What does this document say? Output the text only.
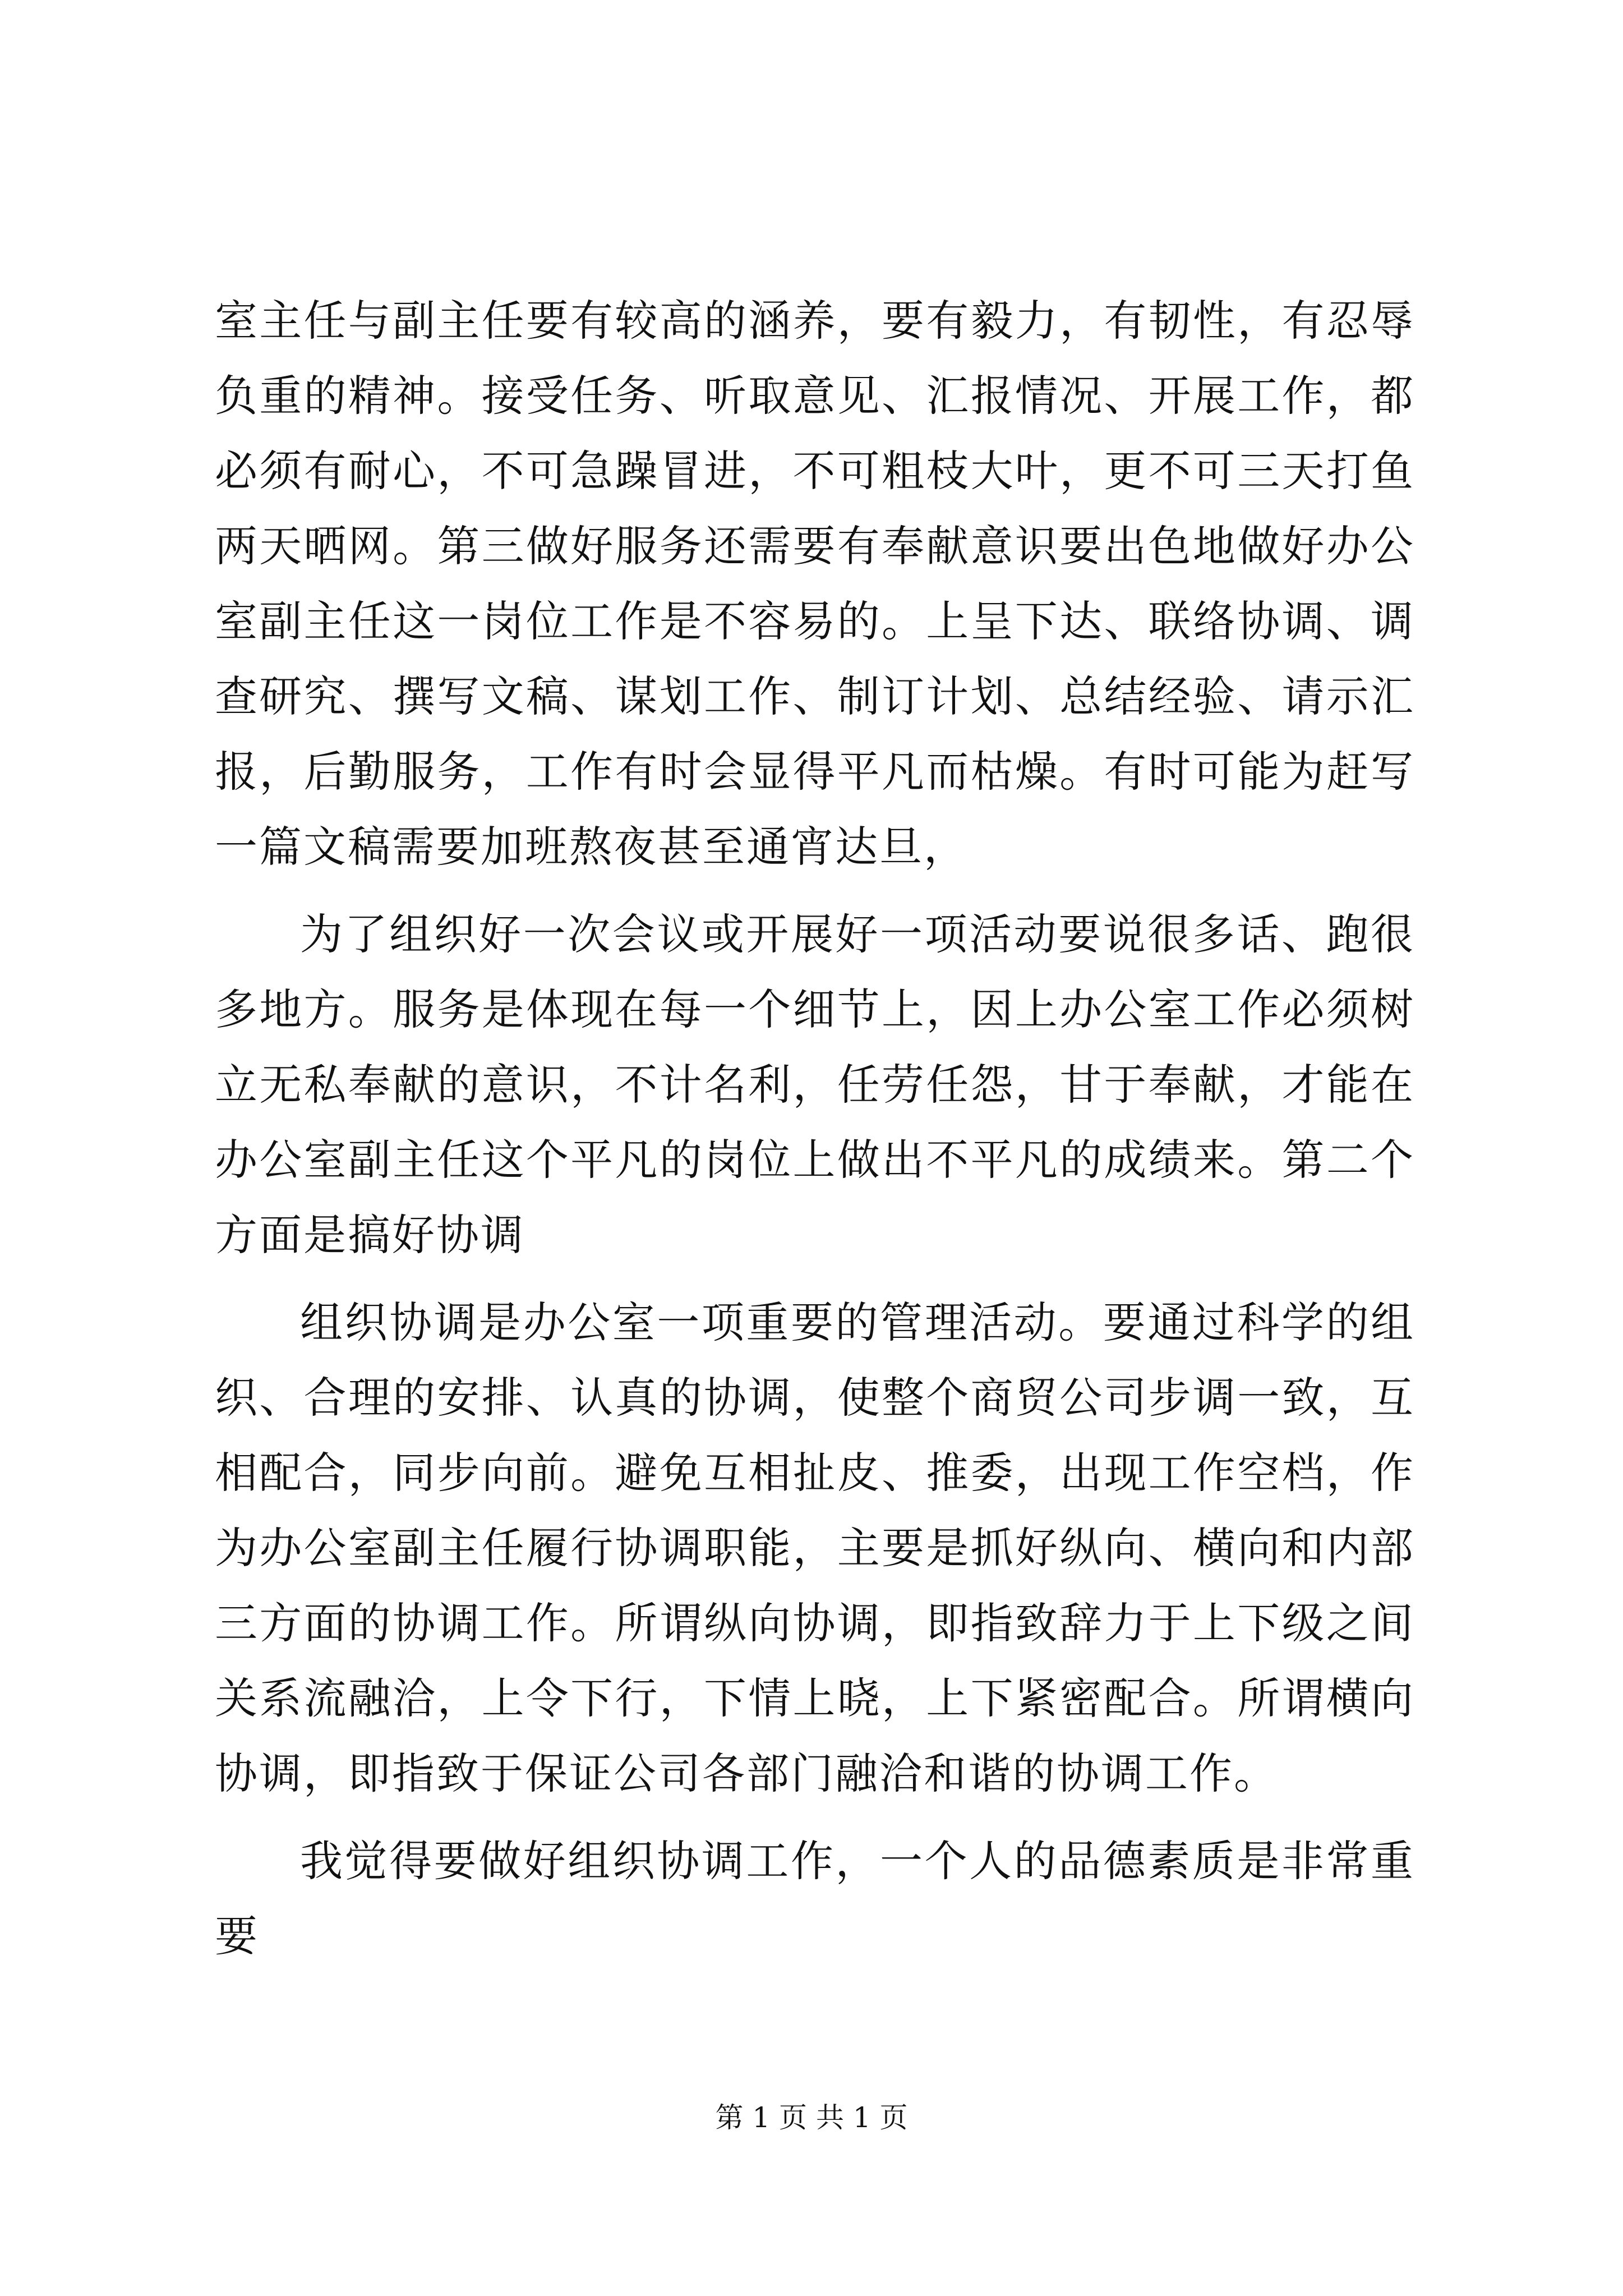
室主任与副主任要有较高的涵养，要有毅力，有韧性，有忍辱负重的精神。接受任务、听取意见、汇报情况、开展工作，都必须有耐心，不可急躁冒进，不可粗枝大叶，更不可三天打鱼两天晒网。第三做好服务还需要有奉献意识要出色地做好办公室副主任这一岗位工作是不容易的。上呈下达、联络协调、调查研究、撰写文稿、谋划工作、制订计划、总结经验、请示汇报，后勤服务，工作有时会显得平凡而枯燥。有时可能为赶写一篇文稿需要加班熬夜甚至通宵达旦，

为了组织好一次会议或开展好一项活动要说很多话、跑很多地方。服务是体现在每一个细节上，因上办公室工作必须树立无私奉献的意识，不计名利，任劳任怨，甘于奉献，才能在办公室副主任这个平凡的岗位上做出不平凡的成绩来。第二个方面是搞好协调

组织协调是办公室一项重要的管理活动。要通过科学的组织、合理的安排、认真的协调，使整个商贸公司步调一致，互相配合，同步向前。避免互相扯皮、推委，出现工作空档，作为办公室副主任履行协调职能，主要是抓好纵向、横向和内部三方面的协调工作。所谓纵向协调，即指致辞力于上下级之间关系流融洽，上令下行，下情上晓，上下紧密配合。所谓横向协调，即指致于保证公司各部门融洽和谐的协调工作。

我觉得要做好组织协调工作，一个人的品德素质是非常重要

第 1 页 共 1 页
